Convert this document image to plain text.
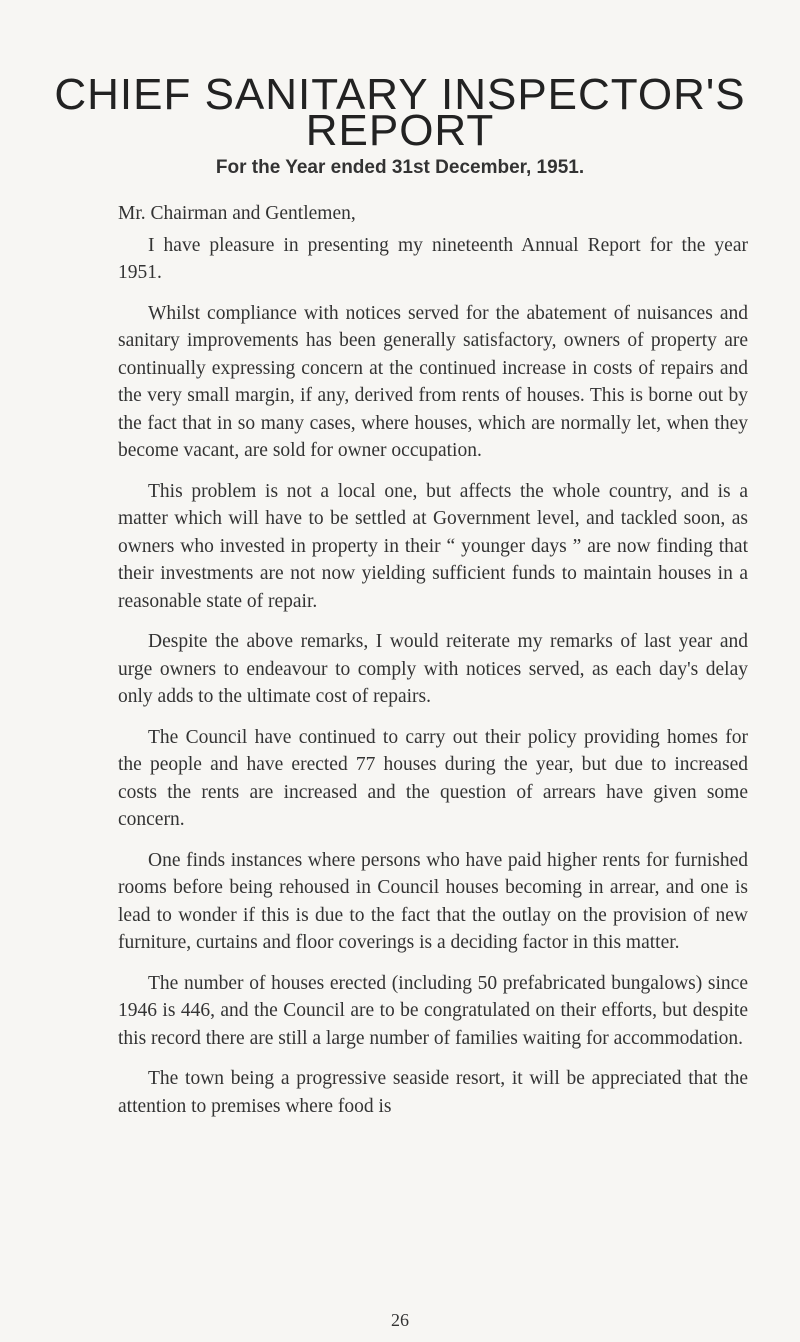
CHIEF SANITARY INSPECTOR'S
REPORT
For the Year ended 31st December, 1951.

Mr. Chairman and Gentlemen,

I have pleasure in presenting my nineteenth Annual Report for the year 1951.

Whilst compliance with notices served for the abatement of nuisances and sanitary improvements has been generally satisfactory, owners of property are continually expressing concern at the continued increase in costs of repairs and the very small margin, if any, derived from rents of houses. This is borne out by the fact that in so many cases, where houses, which are normally let, when they become vacant, are sold for owner occupation.

This problem is not a local one, but affects the whole country, and is a matter which will have to be settled at Government level, and tackled soon, as owners who invested in property in their “ younger days ” are now finding that their investments are not now yielding sufficient funds to maintain houses in a reasonable state of repair.

Despite the above remarks, I would reiterate my remarks of last year and urge owners to endeavour to comply with notices served, as each day's delay only adds to the ultimate cost of repairs.

The Council have continued to carry out their policy providing homes for the people and have erected 77 houses during the year, but due to increased costs the rents are increased and the question of arrears have given some concern.

One finds instances where persons who have paid higher rents for furnished rooms before being rehoused in Council houses becoming in arrear, and one is lead to wonder if this is due to the fact that the outlay on the provision of new furniture, curtains and floor coverings is a deciding factor in this matter.

The number of houses erected (including 50 prefabricated bungalows) since 1946 is 446, and the Council are to be congratulated on their efforts, but despite this record there are still a large number of families waiting for accommodation.

The town being a progressive seaside resort, it will be appreciated that the attention to premises where food is

26
